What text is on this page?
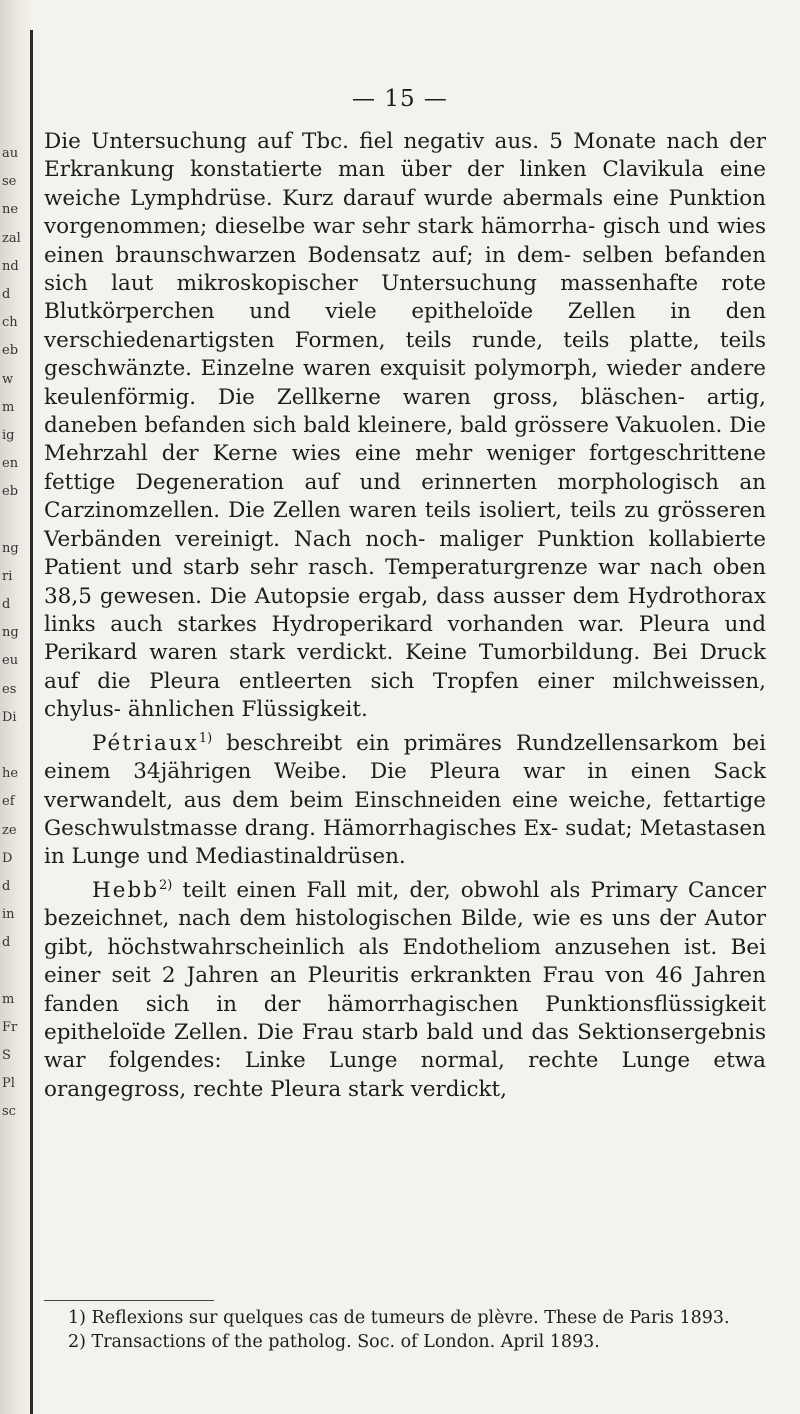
au
se
ne
zal
nd
d
ch
eb
w
m
ig
en
eb
ng
ri
d
ng
eu
es
Di
he
ef
ze
D
d
in
d
m
Fr
S
Pl
sc
— 15 —

Die Untersuchung auf Tbc. fiel negativ aus. 5 Monate nach der Erkrankung konstatierte man über der linken Clavikula eine weiche Lymphdrüse. Kurz darauf wurde abermals eine Punktion vorgenommen; dieselbe war sehr stark hämorrha- gisch und wies einen braunschwarzen Bodensatz auf; in dem- selben befanden sich laut mikroskopischer Untersuchung massenhafte rote Blutkörperchen und viele epitheloïde Zellen in den verschiedenartigsten Formen, teils runde, teils platte, teils geschwänzte. Einzelne waren exquisit polymorph, wieder andere keulenförmig. Die Zellkerne waren gross, bläschen- artig, daneben befanden sich bald kleinere, bald grössere Vakuolen. Die Mehrzahl der Kerne wies eine mehr weniger fortgeschrittene fettige Degeneration auf und erinnerten morphologisch an Carzinomzellen. Die Zellen waren teils isoliert, teils zu grösseren Verbänden vereinigt. Nach noch- maliger Punktion kollabierte Patient und starb sehr rasch. Temperaturgrenze war nach oben 38,5 gewesen. Die Autopsie ergab, dass ausser dem Hydrothorax links auch starkes Hydroperikard vorhanden war. Pleura und Perikard waren stark verdickt. Keine Tumorbildung. Bei Druck auf die Pleura entleerten sich Tropfen einer milchweissen, chylus- ähnlichen Flüssigkeit.

Pétriaux$^{1)}$ beschreibt ein primäres Rundzellensarkom bei einem 34jährigen Weibe. Die Pleura war in einen Sack verwandelt, aus dem beim Einschneiden eine weiche, fettartige Geschwulstmasse drang. Hämorrhagisches Ex- sudat; Metastasen in Lunge und Mediastinaldrüsen.

Hebb$^{2)}$ teilt einen Fall mit, der, obwohl als Primary Cancer bezeichnet, nach dem histologischen Bilde, wie es uns der Autor gibt, höchstwahrscheinlich als Endotheliom anzusehen ist. Bei einer seit 2 Jahren an Pleuritis erkrankten Frau von 46 Jahren fanden sich in der hämorrhagischen Punktionsflüssigkeit epitheloïde Zellen. Die Frau starb bald und das Sektionsergebnis war folgendes: Linke Lunge normal, rechte Lunge etwa orangegross, rechte Pleura stark verdickt,

1) Reflexions sur quelques cas de tumeurs de plèvre. These de Paris 1893.

2) Transactions of the patholog. Soc. of London. April 1893.
